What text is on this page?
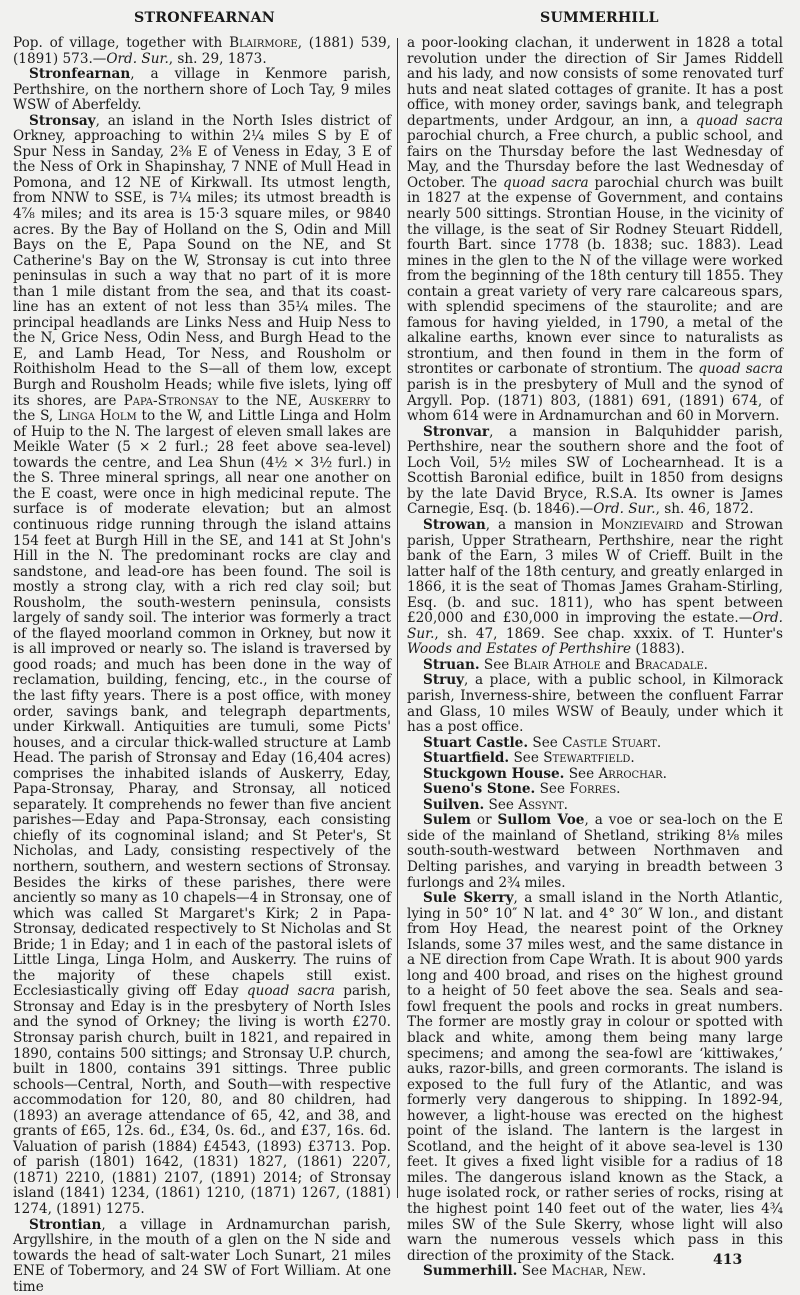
STRONFEARNAN	SUMMERHILL

Pop. of village, together with Blairmore, (1881) 539, (1891) 573.—Ord. Sur., sh. 29, 1873.

Stronfearnan, a village in Kenmore parish, Perthshire, on the northern shore of Loch Tay, 9 miles WSW of Aberfeldy.

Stronsay, an island in the North Isles district of Orkney, approaching to within 2¼ miles S by E of Spur Ness in Sanday, 2⅜ E of Veness in Eday, 3 E of the Ness of Ork in Shapinshay, 7 NNE of Mull Head in Pomona, and 12 NE of Kirkwall. Its utmost length, from NNW to SSE, is 7¼ miles; its utmost breadth is 4⅞ miles; and its area is 15·3 square miles, or 9840 acres. By the Bay of Holland on the S, Odin and Mill Bays on the E, Papa Sound on the NE, and St Catherine's Bay on the W, Stronsay is cut into three peninsulas in such a way that no part of it is more than 1 mile distant from the sea, and that its coast-line has an extent of not less than 35¼ miles. The principal headlands are Links Ness and Huip Ness to the N, Grice Ness, Odin Ness, and Burgh Head to the E, and Lamb Head, Tor Ness, and Rousholm or Roithisholm Head to the S—all of them low, except Burgh and Rousholm Heads; while five islets, lying off its shores, are Papa-Stronsay to the NE, Auskerry to the S, Linga Holm to the W, and Little Linga and Holm of Huip to the N. The largest of eleven small lakes are Meikle Water (5 × 2 furl.; 28 feet above sea-level) towards the centre, and Lea Shun (4½ × 3½ furl.) in the S. Three mineral springs, all near one another on the E coast, were once in high medicinal repute. The surface is of moderate elevation; but an almost continuous ridge running through the island attains 154 feet at Burgh Hill in the SE, and 141 at St John's Hill in the N. The predominant rocks are clay and sandstone, and lead-ore has been found. The soil is mostly a strong clay, with a rich red clay soil; but Rousholm, the south-western peninsula, consists largely of sandy soil. The interior was formerly a tract of the flayed moorland common in Orkney, but now it is all improved or nearly so. The island is traversed by good roads; and much has been done in the way of reclamation, building, fencing, etc., in the course of the last fifty years. There is a post office, with money order, savings bank, and telegraph departments, under Kirkwall. Antiquities are tumuli, some Picts' houses, and a circular thick-walled structure at Lamb Head. The parish of Stronsay and Eday (16,404 acres) comprises the inhabited islands of Auskerry, Eday, Papa-Stronsay, Pharay, and Stronsay, all noticed separately. It comprehends no fewer than five ancient parishes—Eday and Papa-Stronsay, each consisting chiefly of its cognominal island; and St Peter's, St Nicholas, and Lady, consisting respectively of the northern, southern, and western sections of Stronsay. Besides the kirks of these parishes, there were anciently so many as 10 chapels—4 in Stronsay, one of which was called St Margaret's Kirk; 2 in Papa-Stronsay, dedicated respectively to St Nicholas and St Bride; 1 in Eday; and 1 in each of the pastoral islets of Little Linga, Linga Holm, and Auskerry. The ruins of the majority of these chapels still exist. Ecclesiastically giving off Eday quoad sacra parish, Stronsay and Eday is in the presbytery of North Isles and the synod of Orkney; the living is worth £270. Stronsay parish church, built in 1821, and repaired in 1890, contains 500 sittings; and Stronsay U.P. church, built in 1800, contains 391 sittings. Three public schools—Central, North, and South—with respective accommodation for 120, 80, and 80 children, had (1893) an average attendance of 65, 42, and 38, and grants of £65, 12s. 6d., £34, 0s. 6d., and £37, 16s. 6d. Valuation of parish (1884) £4543, (1893) £3713. Pop. of parish (1801) 1642, (1831) 1827, (1861) 2207, (1871) 2210, (1881) 2107, (1891) 2014; of Stronsay island (1841) 1234, (1861) 1210, (1871) 1267, (1881) 1274, (1891) 1275.

Strontian, a village in Ardnamurchan parish, Argyllshire, in the mouth of a glen on the N side and towards the head of salt-water Loch Sunart, 21 miles ENE of Tobermory, and 24 SW of Fort William. At one time

a poor-looking clachan, it underwent in 1828 a total revolution under the direction of Sir James Riddell and his lady, and now consists of some renovated turf huts and neat slated cottages of granite. It has a post office, with money order, savings bank, and telegraph departments, under Ardgour, an inn, a quoad sacra parochial church, a Free church, a public school, and fairs on the Thursday before the last Wednesday of May, and the Thursday before the last Wednesday of October. The quoad sacra parochial church was built in 1827 at the expense of Government, and contains nearly 500 sittings. Strontian House, in the vicinity of the village, is the seat of Sir Rodney Steuart Riddell, fourth Bart. since 1778 (b. 1838; suc. 1883). Lead mines in the glen to the N of the village were worked from the beginning of the 18th century till 1855. They contain a great variety of very rare calcareous spars, with splendid specimens of the staurolite; and are famous for having yielded, in 1790, a metal of the alkaline earths, known ever since to naturalists as strontium, and then found in them in the form of strontites or carbonate of strontium. The quoad sacra parish is in the presbytery of Mull and the synod of Argyll. Pop. (1871) 803, (1881) 691, (1891) 674, of whom 614 were in Ardnamurchan and 60 in Morvern.

Stronvar, a mansion in Balquhidder parish, Perthshire, near the southern shore and the foot of Loch Voil, 5½ miles SW of Lochearnhead. It is a Scottish Baronial edifice, built in 1850 from designs by the late David Bryce, R.S.A. Its owner is James Carnegie, Esq. (b. 1846).—Ord. Sur., sh. 46, 1872.

Strowan, a mansion in Monzievaird and Strowan parish, Upper Strathearn, Perthshire, near the right bank of the Earn, 3 miles W of Crieff. Built in the latter half of the 18th century, and greatly enlarged in 1866, it is the seat of Thomas James Graham-Stirling, Esq. (b. and suc. 1811), who has spent between £20,000 and £30,000 in improving the estate.—Ord. Sur., sh. 47, 1869. See chap. xxxix. of T. Hunter's Woods and Estates of Perthshire (1883).

Struan. See Blair Athole and Bracadale.

Struy, a place, with a public school, in Kilmorack parish, Inverness-shire, between the confluent Farrar and Glass, 10 miles WSW of Beauly, under which it has a post office.

Stuart Castle. See Castle Stuart.

Stuartfield. See Stewartfield.

Stuckgown House. See Arrochar.

Sueno's Stone. See Forres.

Suilven. See Assynt.

Sulem or Sullom Voe, a voe or sea-loch on the E side of the mainland of Shetland, striking 8⅛ miles south-south-westward between Northmaven and Delting parishes, and varying in breadth between 3 furlongs and 2¾ miles.

Sule Skerry, a small island in the North Atlantic, lying in 50° 10″ N lat. and 4° 30″ W lon., and distant from Hoy Head, the nearest point of the Orkney Islands, some 37 miles west, and the same distance in a NE direction from Cape Wrath. It is about 900 yards long and 400 broad, and rises on the highest ground to a height of 50 feet above the sea. Seals and sea-fowl frequent the pools and rocks in great numbers. The former are mostly gray in colour or spotted with black and white, among them being many large specimens; and among the sea-fowl are ‘kittiwakes,’ auks, razor-bills, and green cormorants. The island is exposed to the full fury of the Atlantic, and was formerly very dangerous to shipping. In 1892-94, however, a light-house was erected on the highest point of the island. The lantern is the largest in Scotland, and the height of it above sea-level is 130 feet. It gives a fixed light visible for a radius of 18 miles. The dangerous island known as the Stack, a huge isolated rock, or rather series of rocks, rising at the highest point 140 feet out of the water, lies 4¾ miles SW of the Sule Skerry, whose light will also warn the numerous vessels which pass in this direction of the proximity of the Stack.

Summerhill. See Machar, New.

413
